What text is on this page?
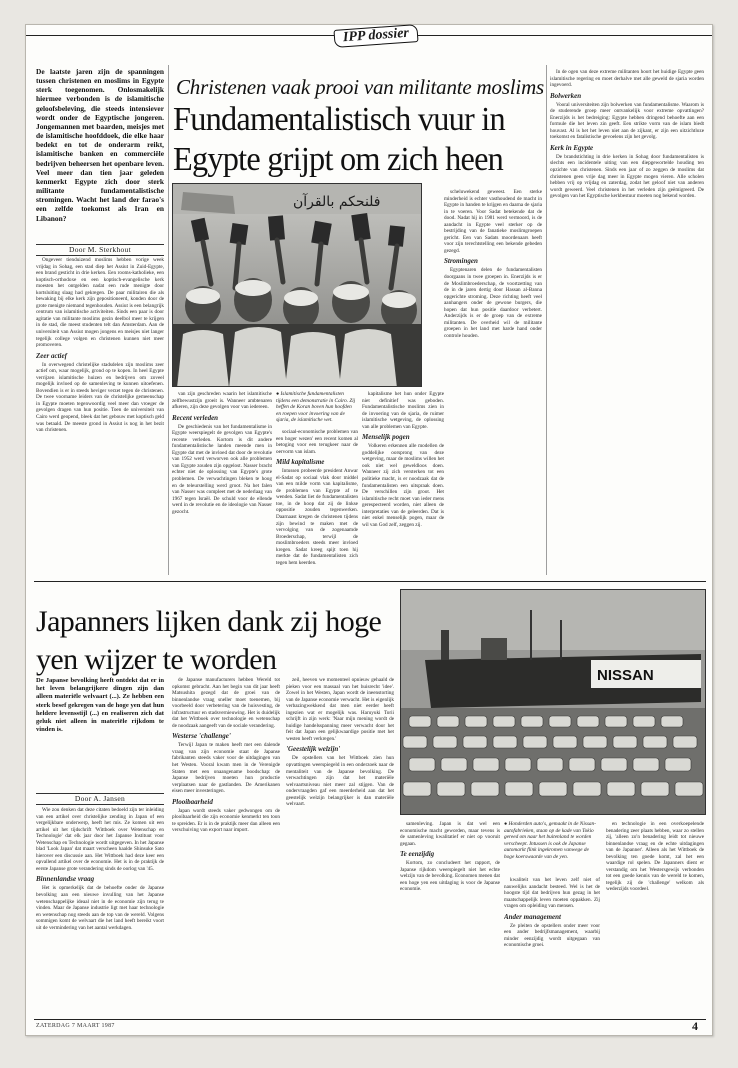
IPP dossier
De laatste jaren zijn de spanningen tussen christenen en moslims in Egypte sterk toegenomen. Onlosmakelijk hiermee verbonden is de islamitische geloofsbeleving, die steeds intensiever wordt onder de Egyptische jongeren. Jongemannen met baarden, meisjes met de islamitische hoofddoek, die elke haar bedekt en tot de onderarm reikt, islamitische banken en commerciële bedrijven beheersen het openbare leven. Veel meer dan tien jaar geleden kenmerkt Egypte zich door sterk militante fundamentalistische stromingen. Wacht het land der farao's een zelfde toekomst als Iran en Libanon?
Door M. Sterkhout

Ongeveer tienduizend moslims hebben vorige week vrijdag in Sohag, een stad diep het Assiut in Zuid-Egypte, een brand gesticht in drie kerken. Een rooms-katholieke, een koptisch-orthodoxe en een koptisch-evangelische kerk moesten het ontgelden nadat een rude menigte door kortsluiting slaag had gekregen. De paar militairen die als bewaking bij elke kerk zijn gepositioneerd, konden door de grote menigte niemand tegenhouden. Assiut is een belangrijk centrum van islamitische activiteiten. Sinds een paar is door agitatie van militante moslims gezin deelbol meer te krijgen in de stad, die meest studenten telt dan Amsterdam. Aan de universiteit van Assiut mogen jongens en meisjes niet langer tegelijk college volgen en christenen kunnen niet meer promoveren.

Zeer actief

In overwegend christelijke stadsdelen zijn moslims zeer actief om, waar mogelijk, grond op te kopen. In heel Egypte verrijzen islamitische huizen en bedrijven om zoveel mogelijk invloed op de samenleving te kunnen uitoefenen. Bovendien is er in steeds heviger verzet tegen de christenen. De twee voorname leiders van de christelijke gemeenschap in Egypte moeten tegenwoordig veel meer dan vroeger de gevolgen dragen van hun positie. Toen de universiteit van Cairo werd geopend, bleek dat het gebouw met koptisch geld was betaald. De meeste grond in Assiut is nog in het bezit van christenen.

Christenen vaak prooi van militante moslims
Fundamentalistisch vuur in Egypte grijpt om zich heen
فلنحكم بالقرآن
● Islamitische fundamentalisten tijdens een demonstratie in Cairo. Zij heffen de Koran boven hun hoofden en roepen voor invoering van de sjaria, de islamitische wet.

van zijn geschreden waarin het islamitische zelfbewustzijn groeit is. Wanneer ambtenaren afkeren, zijn deze gevolgen voor van iedereen.

Recent verleden

De geschiedenis van het fundamentalisme in Egypte weerspiegelt de gevolgen van Egypte's recente verleden. Kortom is dit andere fundamentalistische landen meende men in Egypte dat met de invloed dat door de revolutie van 1952 werd verworven ook alle problemen van Egypte zouden zijn opgelost. Nasser bracht echter niet de oplossing van Egypte's grote problemen. De verwachtingen bleken te hoog en de teleurstelling werd groot. Na het falen van Nasser was compleet met de nederlaag van 1967 tegen Israël. De schuld voor de ellende werd in de revolutie en de ideologie van Nasser gezocht.

sociaal-economische problemen van een hoger wezen' een recent komen al betoging voor een terugkeer naar de oervorm van islam.

Mild kapitalisme

Intussen probeerde president Anwar el-Sadat op sociaal vlak door middel van een milde vorm van kapitalisme, de problemen van Egypte af te wenden. Sadat liet de fundamentalisten toe, in de hoop dat zij de linkse oppositie zouden tegenwerken. Daarnaast kregen de christenen tijdens zijn bewind te maken met de vervolging van de zogenaamde Broederschap, terwijl de moslimbroeders steeds meer invloed kregen. Sadat kreeg spijt toen hij merkte dat de fundamentalisten zich tegen hem keerden.

kapitalisme het hun onder Egypte niet definitief was geboden. Fundamentalistische moslims zien in de invoering van de sjaria, de ruimer islamitische wetgeving, de oplossing van alle problemen van Egypte.

Menselijk pogen

Volkeren erkennen alle modellen de goddelijke oorsprong van deze wetgeving, maar de moslims willen het ook niet wel geweldloos doen. Wanneer zij zich versterken tot een politieke macht, is er noodzaak dat de fundamentalisten een uitspraak doen. De verschillen zijn groot. Het islamitische recht moet van ieder mens gerespecteerd worden, niet alleen de interpretaties van de geleerden. Dat is niet enkel menselijk pogen, maar de wil van God zelf, zeggen zij.

scheluwekend geweest. Een sterke minderheid is echter vasthoudend de macht in Egypte in handen te krijgen en daarna de sjaria in te voeren. Voor Sadat betekende dat de dood. Nadat hij in 1981 werd vermoord, is de aandacht in Egypte veel sterker op de bestrijding van de fanatieke moslimgroepen gericht. Een van Sadats moordenaars heeft voor zijn terechtstelling een bekende gebeden gezegd.

Stromingen

Egyptenaren delen de fundamentalisten doorgaans in twee groepen in. Enerzijds is er de Moslimbroederschap, de voortzetting van de in de jaren dertig door Hassan al-Banna opgerichte stroming. Deze richting heeft veel aanhangers onder de gewone burgers, die hopen dat hun positie daardoor verbetert. Anderzijds is er de groep van de extreme militanten. De overheid wil de militante groepen in het land met harde hand onder controle houden.

In de ogen van deze extreme militanten hoort het huidige Egypte geen islamitische regering en moet derhalve met alle geweld de sjaria worden ingevoerd.

Bolwerken

Vooral universiteiten zijn bolwerken van fundamentalisme. Waarom is de studerende groep meer ontvankelijk voor extreme opvattingen? Enerzijds is het bedreiging: Egypte hebben dringend behoefte aan een formule die het leven zin geeft. Een strikte vorm van de islam biedt houvast. Al is het het leven niet aan de zijkant, er zijn een uitzichtloze toekomst en fatalistische gevoelens zijn het gevolg.

Kerk in Egypte

De brandstichting in drie kerken in Sohag door fundamentalisten is slechts een incidentele uiting van een diepgewortelde houding ten opzichte van christenen. Sinds een jaar of zo zeggen de moslims dat christenen geen vrije dag meer in Egypte mogen vieren. Alle scholen hebben vrij op vrijdag en zaterdag, zodat het geloof niet van anderen wordt geweerd. Veel christenen in het verleden zijn geëmigreerd. De gevolgen van het Egyptische kerkbestuur moeten nog bekend worden.

Japanners lijken dank zij hoge yen wijzer te worden
De Japanse bevolking heeft ontdekt dat er in het leven belangrijkere dingen zijn dan alleen materiële welvaart (...). Ze hebben een sterk besef gekregen van de hoge yen dat hun heldere levensstijl (...) en realiseren zich dat geluk niet alleen in materiële rijkdom te vinden is.
Door A. Jansen

Wie zou denken dat deze citaten bedoeld zijn ter inleiding van een artikel over christelijke zending in Japan of een vergelijkbare onderwerp, heeft het mis. Ze komen uit een artikel uit het tijdschrift 'Wittboek over Wetenschap en Technologie' dat elk jaar door het Japanse Instituut voor Wetenschap en Technologie wordt uitgegeven. In het Japanse blad 'Look Japan' dat maart verscheen haalde Shinsuke Sato hierover een discussie aan. Het Wittboek had deze keer een opvallend artikel over de economie. Het is in de praktijk de eerste Japanse grote verandering sinds de oorlog van '45.

Binnenlandse vraag

Het is opmerkelijk dat de behoefte onder de Japanse bevolking aan een nieuwe invulling van het Japanse wetenschappelijke ideaal niet in de economie zijn terug te vinden. Maar de Japanse industrie ligt met haar technologie en wetenschap nog steeds aan de top van de wereld. Volgens sommigen komt de welvaart die het land heeft bereikt voort uit de vermindering van het aantal werkdagen.

de Japanse manufacturers hebben Wereld tot opkomst gebracht. Aan het begin van dit jaar heeft Matsushita gezegd dat de groei van de binnenlandse vraag sneller moet toenemen, bij voorbeeld door verbetering van de huisvesting, de infrastructuur en stadsvernieuwing. Het is duidelijk dat het Wittboek over technologie en wetenschap de noodzaak aangeeft van de sociale verandering.

Westerse 'challenge'

Terwijl Japan te maken heeft met een dalende vraag van zijn economie staat de Japanse fabrikanten steeds vaker voor de uitdagingen van het Westen. Vooral kwam men in de Verenigde Staten met een onaangename boodschap: de Japanse bedrijven moeten hun productie verplaatsen naar de gastlanden. De Amerikanen eisen meer investeringen.

Plooibaarheid

Japan wordt steeds vaker gedwongen om de plooibaarheid die zijn economie kenmerkt ten toon te spreiden. Er is in de praktijk meer dan alleen een verschuiving van export naar import.

zeil, heeven we momenteel opnieuw gehaald de pieken voor een massaal van het huisrecht 'idee'. Zowel in het Westen, Japan wordt de ineenstorting van de Japanse economie verwacht. Het is eigenlijk verbazingwekkend dat men niet eerder heeft ingezien wat er mogelijk was. Haruyuki Torii schrijft in zijn werk: 'Naar mijn mening wordt de huidige handelsspanning meer verwacht door het feit dat Japan een gelijkwaardige positie met het westen heeft verkregen.'

'Geestelijk welzijn'

De opstellers van het Wittboek zien hun opvattingen weerspiegeld in een onderzoek naar de mentaliteit van de Japanse bevolking. De verwachtingen zijn dat het materiële welvaartsniveau niet meer zal stijgen. Van de ondervraagden gaf een meerderheid aan dat het geestelijk welzijn belangrijker is dan materiële welvaart.

NISSAN

samenleving. Japan is dat wel een economische macht geworden, maar tevens is de samenleving kwalitatief er niet op vooruit gegaan.

Te eenzijdig

Kortom, zo concludeert het rapport, de Japanse rijkdom weerspiegelt niet het echte welzijn van de bevolking. Economen menen dat een hoge yen een uitdaging is voor de Japanse economie.

● Honderden auto's, gemaakt in de Nissan-autofabrieken, staan op de kade van Tokio gereed om naar het buitenland te worden verscheept. Intussen is ook de Japanse automarkt flink ingekromen vanwege de hoge koerswaarde van de yen.

kwaliteit van het leven zelf niet of nauwelijks aandacht besteed. Wel is het de hoogste tijd dat bedrijven hun gezag in het maatschappelijk leven moeten oppakken. Zij vragen om opleiding van mensen.

Ander management

Ze pleiten de opstellers onder meer voor een ander bedrijfsmanagement, waarbij minder eenzijdig wordt uitgegaan van economische groei.

en technologie in een overkoepelende benadering zeer plaats hebben, waar zo stellen zij, 'alleen zo'n benadering leidt tot nieuwe binnenlandse vraag en de echte uitdagingen van de Japanner'. Alleen als het Wittboek de bevolking ten goede komt, zal het een waardige rol spelen. De Japanners dient er verstandig om het Westersgewijs verbonden tot een goede kennis van de wereld te komen, tegelijk zij de 'challenge' welkom als wederzijds voordeel.

ZATERDAG 7 MAART 1987	4
